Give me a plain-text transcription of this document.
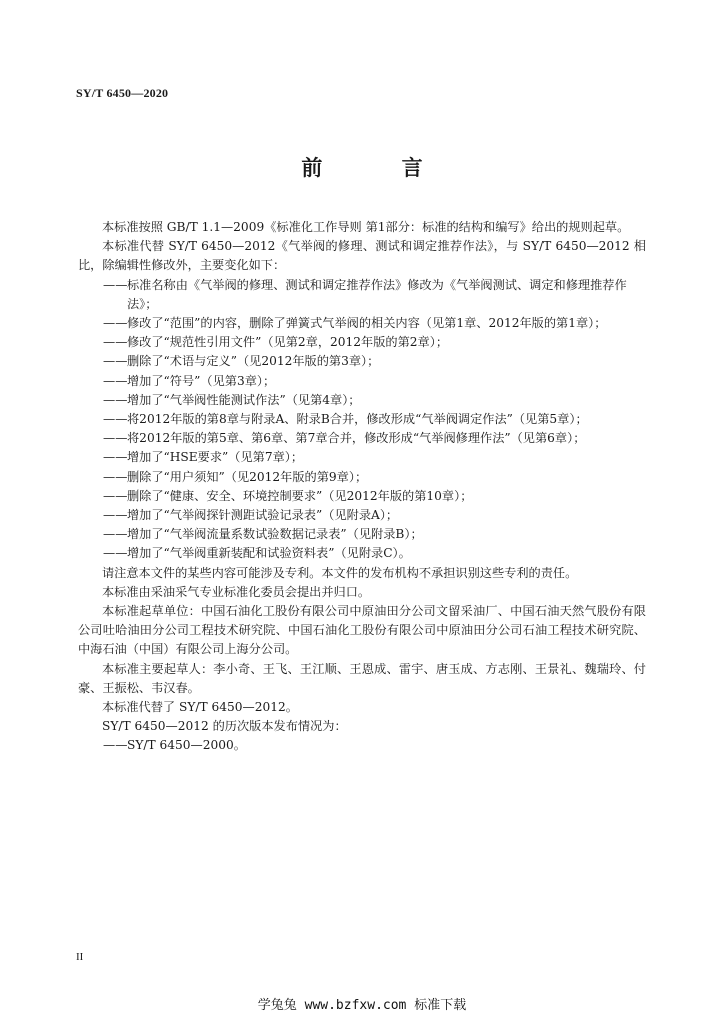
SY/T 6450—2020
前 言

本标准按照 GB/T 1.1—2009《标准化工作导则 第1部分：标准的结构和编写》给出的规则起草。

本标准代替 SY/T 6450—2012《气举阀的修理、测试和调定推荐作法》，与 SY/T 6450—2012 相比，除编辑性修改外，主要变化如下：

——标准名称由《气举阀的修理、测试和调定推荐作法》修改为《气举阀测试、调定和修理推荐作法》；

——修改了“范围”的内容，删除了弹簧式气举阀的相关内容（见第1章、2012年版的第1章）；

——修改了“规范性引用文件”（见第2章，2012年版的第2章）；

——删除了“术语与定义”（见2012年版的第3章）；

——增加了“符号”（见第3章）；

——增加了“气举阀性能测试作法”（见第4章）；

——将2012年版的第8章与附录A、附录B合并，修改形成“气举阀调定作法”（见第5章）；

——将2012年版的第5章、第6章、第7章合并，修改形成“气举阀修理作法”（见第6章）；

——增加了“HSE要求”（见第7章）；

——删除了“用户须知”（见2012年版的第9章）；

——删除了“健康、安全、环境控制要求”（见2012年版的第10章）；

——增加了“气举阀探针测距试验记录表”（见附录A）；

——增加了“气举阀流量系数试验数据记录表”（见附录B）；

——增加了“气举阀重新装配和试验资料表”（见附录C）。

请注意本文件的某些内容可能涉及专利。本文件的发布机构不承担识别这些专利的责任。

本标准由采油采气专业标准化委员会提出并归口。

本标准起草单位：中国石油化工股份有限公司中原油田分公司文留采油厂、中国石油天然气股份有限公司吐哈油田分公司工程技术研究院、中国石油化工股份有限公司中原油田分公司石油工程技术研究院、中海石油（中国）有限公司上海分公司。

本标准主要起草人：李小奇、王飞、王江顺、王恩成、雷宇、唐玉成、方志刚、王景礼、魏瑞玲、付豪、王振松、韦汉春。

本标准代替了 SY/T 6450—2012。

SY/T 6450—2012 的历次版本发布情况为：

——SY/T 6450—2000。

II
学兔兔 www.bzfxw.com 标准下载
